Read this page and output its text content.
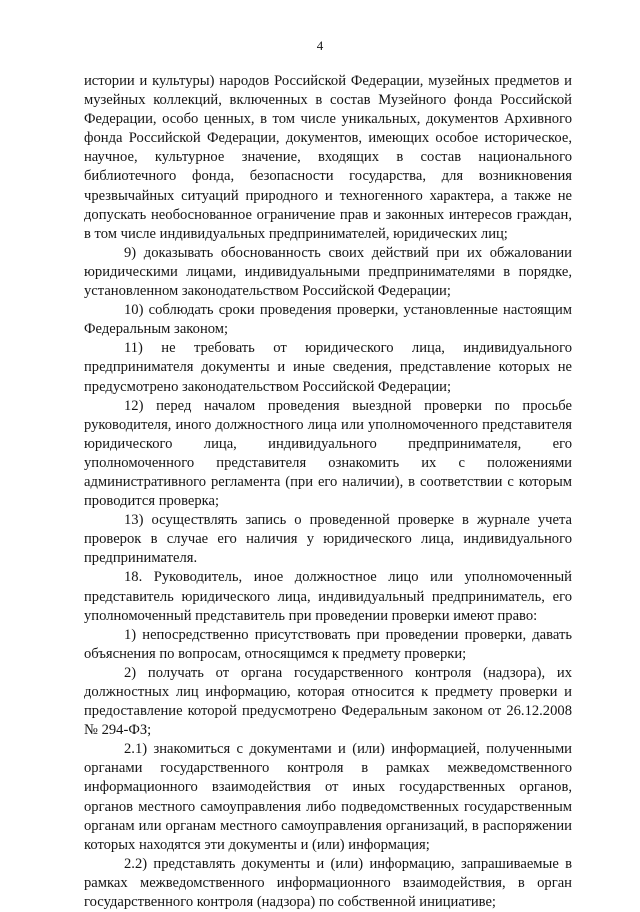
4

истории и культуры) народов Российской Федерации, музейных предметов и музейных коллекций, включенных в состав Музейного фонда Российской Федерации, особо ценных, в том числе уникальных, документов Архивного фонда Российской Федерации, документов, имеющих особое историческое, научное, культурное значение, входящих в состав национального библиотечного фонда, безопасности государства, для возникновения чрезвычайных ситуаций природного и техногенного характера, а также не допускать необоснованное ограничение прав и законных интересов граждан, в том числе индивидуальных предпринимателей, юридических лиц;

9) доказывать обоснованность своих действий при их обжаловании юридическими лицами, индивидуальными предпринимателями в порядке, установленном законодательством Российской Федерации;

10) соблюдать сроки проведения проверки, установленные настоящим Федеральным законом;

11) не требовать от юридического лица, индивидуального предпринимателя документы и иные сведения, представление которых не предусмотрено законодательством Российской Федерации;

12) перед началом проведения выездной проверки по просьбе руководителя, иного должностного лица или уполномоченного представителя юридического лица, индивидуального предпринимателя, его уполномоченного представителя ознакомить их с положениями административного регламента (при его наличии), в соответствии с которым проводится проверка;

13) осуществлять запись о проведенной проверке в журнале учета проверок в случае его наличия у юридического лица, индивидуального предпринимателя.

18. Руководитель, иное должностное лицо или уполномоченный представитель юридического лица, индивидуальный предприниматель, его уполномоченный представитель при проведении проверки имеют право:

1) непосредственно присутствовать при проведении проверки, давать объяснения по вопросам, относящимся к предмету проверки;

2) получать от органа государственного контроля (надзора), их должностных лиц информацию, которая относится к предмету проверки и предоставление которой предусмотрено Федеральным законом от 26.12.2008 № 294-ФЗ;

2.1) знакомиться с документами и (или) информацией, полученными органами государственного контроля в рамках межведомственного информационного взаимодействия от иных государственных органов, органов местного самоуправления либо подведомственных государственным органам или органам местного самоуправления организаций, в распоряжении которых находятся эти документы и (или) информация;

2.2) представлять документы и (или) информацию, запрашиваемые в рамках межведомственного информационного взаимодействия, в орган государственного контроля (надзора) по собственной инициативе;
